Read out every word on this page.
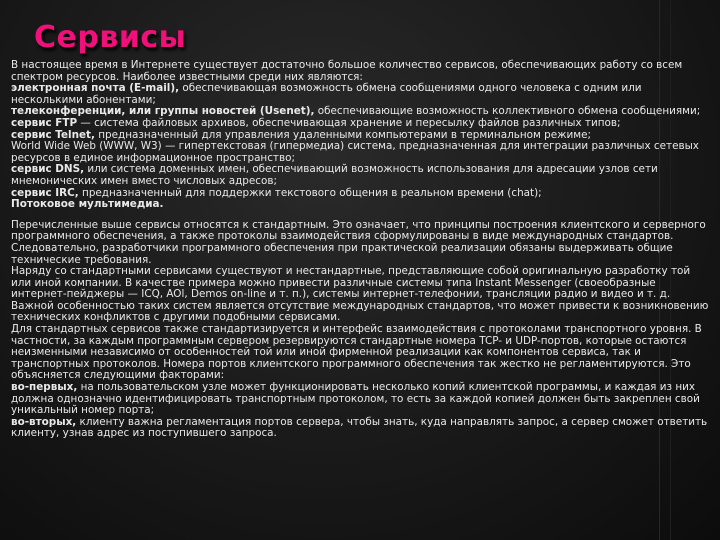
Сервисы

В настоящее время в Интернете существует достаточно большое количество сервисов, обеспечивающих работу со всем спектром ресурсов. Наиболее известными среди них являются:

электронная почта (E-mail), обеспечивающая возможность обмена сообщениями одного человека с одним или несколькими абонентами;

телеконференции, или группы новостей (Usenet), обеспечивающие возможность коллективного обмена сообщениями;

сервис FTP — система файловых архивов, обеспечивающая хранение и пересылку файлов различных типов;

сервис Telnet, предназначенный для управления удаленными компьютерами в терминальном режиме;

World Wide Web (WWW, W3) — гипертекстовая (гипермедиа) система, предназначенная для интеграции различных сетевых ресурсов в единое информационное пространство;

сервис DNS, или система доменных имен, обеспечивающий возможность использования для адресации узлов сети мнемонических имен вместо числовых адресов;

сервис IRC, предназначенный для поддержки текстового общения в реальном времени (chat);

Потоковое мультимедиа.

Перечисленные выше сервисы относятся к стандартным. Это означает, что принципы построения клиентского и серверного программного обеспечения, а также протоколы взаимодействия сформулированы в виде международных стандартов. Следовательно, разработчики программного обеспечения при практической реализации обязаны выдерживать общие технические требования.

Наряду со стандартными сервисами существуют и нестандартные, представляющие собой оригинальную разработку той или иной компании. В качестве примера можно привести различные системы типа Instant Messenger (своеобразные интернет-пейджеры — ICQ, AOl, Demos on-line и т. п.), системы интернет-телефонии, трансляции радио и видео и т. д. Важной особенностью таких систем является отсутствие международных стандартов, что может привести к возникновению технических конфликтов с другими подобными сервисами.

Для стандартных сервисов также стандартизируется и интерфейс взаимодействия с протоколами транспортного уровня. В частности, за каждым программным сервером резервируются стандартные номера TCP- и UDP-портов, которые остаются неизменными независимо от особенностей той или иной фирменной реализации как компонентов сервиса, так и транспортных протоколов. Номера портов клиентского программного обеспечения так жестко не регламентируются. Это объясняется следующими факторами:

во-первых, на пользовательском узле может функционировать несколько копий клиентской программы, и каждая из них должна однозначно идентифицировать транспортным протоколом, то есть за каждой копией должен быть закреплен свой уникальный номер порта;

во-вторых, клиенту важна регламентация портов сервера, чтобы знать, куда направлять запрос, а сервер сможет ответить клиенту, узнав адрес из поступившего запроса.
